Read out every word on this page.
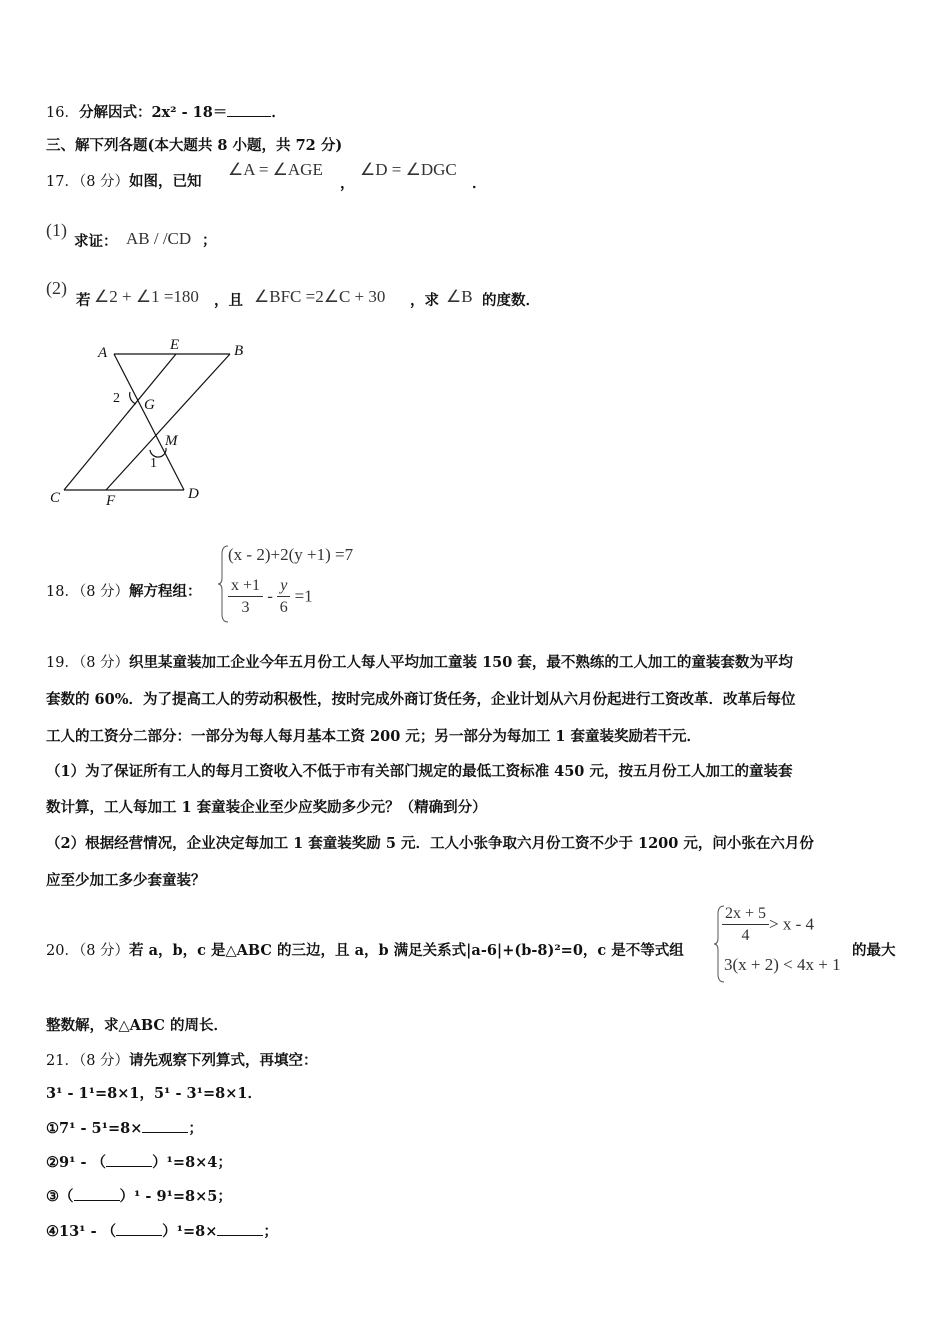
16．分解因式：2x² - 18＝	．
三、解下列各题(本大题共 8 小题，共 72 分)
17．（8 分）如图，已知
∠A = ∠AGE
，
∠D = ∠DGC
．
(1)
求证： AB / /CD ；
(2)
若 ∠2 + ∠1 =180 ，且 ∠BFC =2∠C + 30 ，求 ∠B 的度数．
A	E	B
G
M
C	F	D
2
1
18．（8 分）解方程组：
(x - 2)+2(y +1) =7
$\frac{x +1}{3} - \frac{y}{6} =1$
19．（8 分）织里某童装加工企业今年五月份工人每人平均加工童装 150 套，最不熟练的工人加工的童装套数为平均
套数的 60%．为了提高工人的劳动积极性，按时完成外商订货任务，企业计划从六月份起进行工资改革．改革后每位
工人的工资分二部分：一部分为每人每月基本工资 200 元；另一部分为每加工 1 套童装奖励若干元．
（1）为了保证所有工人的每月工资收入不低于市有关部门规定的最低工资标准 450 元，按五月份工人加工的童装套
数计算，工人每加工 1 套童装企业至少应奖励多少元？（精确到分）
（2）根据经营情况，企业决定每加工 1 套童装奖励 5 元．工人小张争取六月份工资不少于 1200 元，问小张在六月份
应至少加工多少套童装？
20．（8 分）若 a，b，c 是△ABC 的三边，且 a，b 满足关系式|a-6|+(b-8)²=0，c 是不等式组
$\frac{2x + 5}{4} > x - 4$
3(x + 2) < 4x + 1
的最大
整数解，求△ABC 的周长．
21．（8 分）请先观察下列算式，再填空：
3¹ - 1¹=8×1，5¹ - 3¹=8×1．
①7¹ - 5¹=8×	；
②9¹ - （	）¹=8×4；
③（	）¹ - 9¹=8×5；
④13¹ - （	）¹=8×	；
